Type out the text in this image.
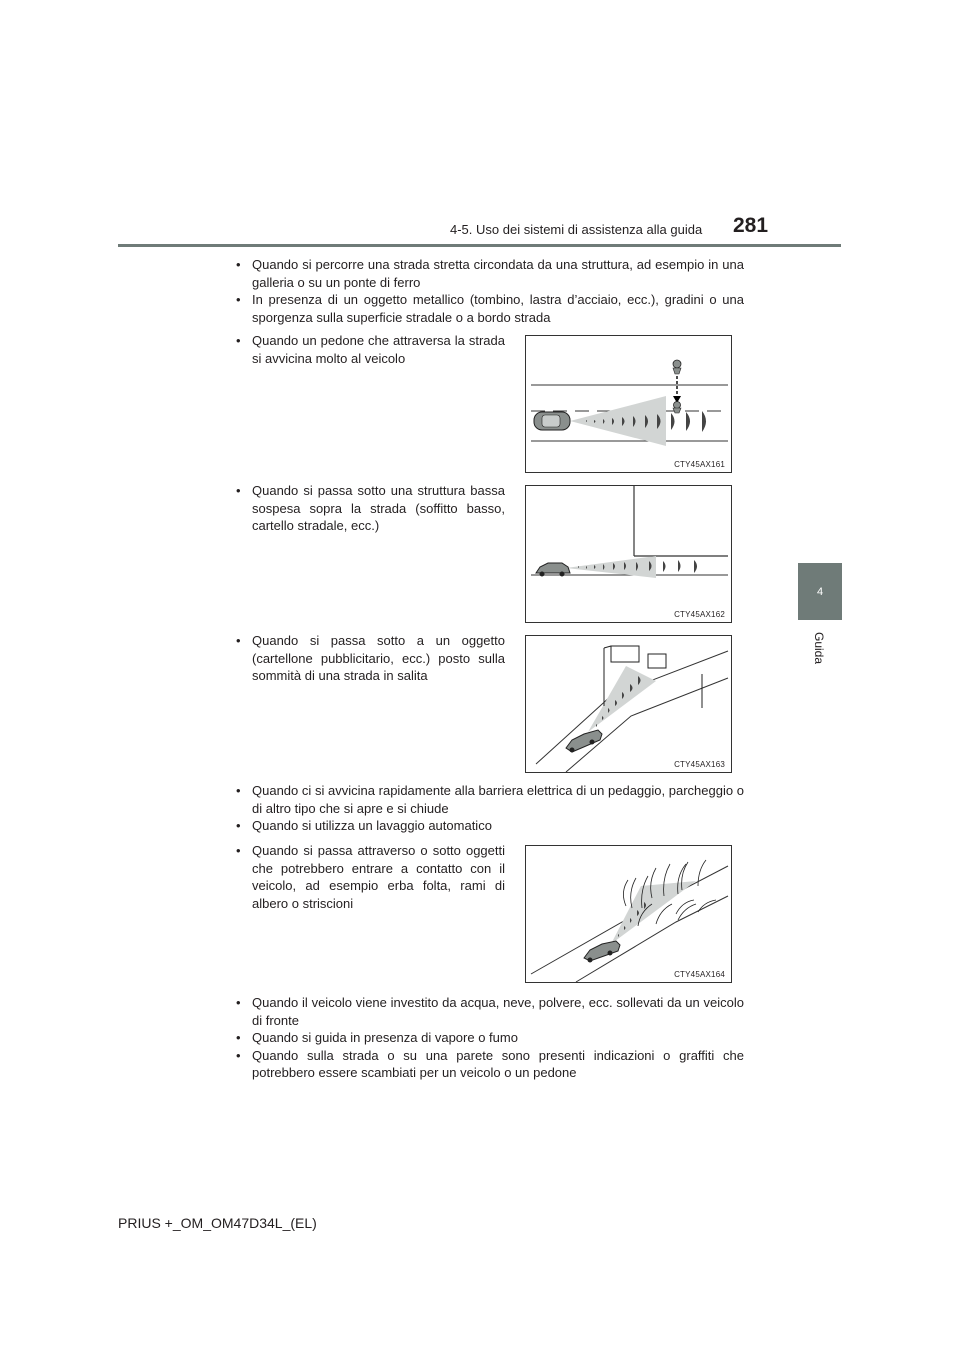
4-5. Uso dei sistemi di assistenza alla guida 281
4
Guida
• Quando si percorre una strada stretta circondata da una struttura, ad esempio in una galleria o su un ponte di ferro
• In presenza di un oggetto metallico (tombino, lastra d’acciaio, ecc.), gradini o una sporgenza sulla superficie stradale o a bordo strada
• Quando un pedone che attraversa la strada si avvicina molto al veicolo
CTY45AX161
• Quando si passa sotto una struttura bassa sospesa sopra la strada (soffitto basso, cartello stradale, ecc.)
CTY45AX162
• Quando si passa sotto a un oggetto (cartellone pubblicitario, ecc.) posto sulla sommità di una strada in salita
CTY45AX163
• Quando ci si avvicina rapidamente alla barriera elettrica di un pedaggio, parcheggio o di altro tipo che si apre e si chiude
• Quando si utilizza un lavaggio automatico
• Quando si passa attraverso o sotto oggetti che potrebbero entrare a contatto con il veicolo, ad esempio erba folta, rami di albero o striscioni
CTY45AX164
• Quando il veicolo viene investito da acqua, neve, polvere, ecc. sollevati da un veicolo di fronte
• Quando si guida in presenza di vapore o fumo
• Quando sulla strada o su una parete sono presenti indicazioni o graffiti che potrebbero essere scambiati per un veicolo o un pedone
PRIUS +_OM_OM47D34L_(EL)
